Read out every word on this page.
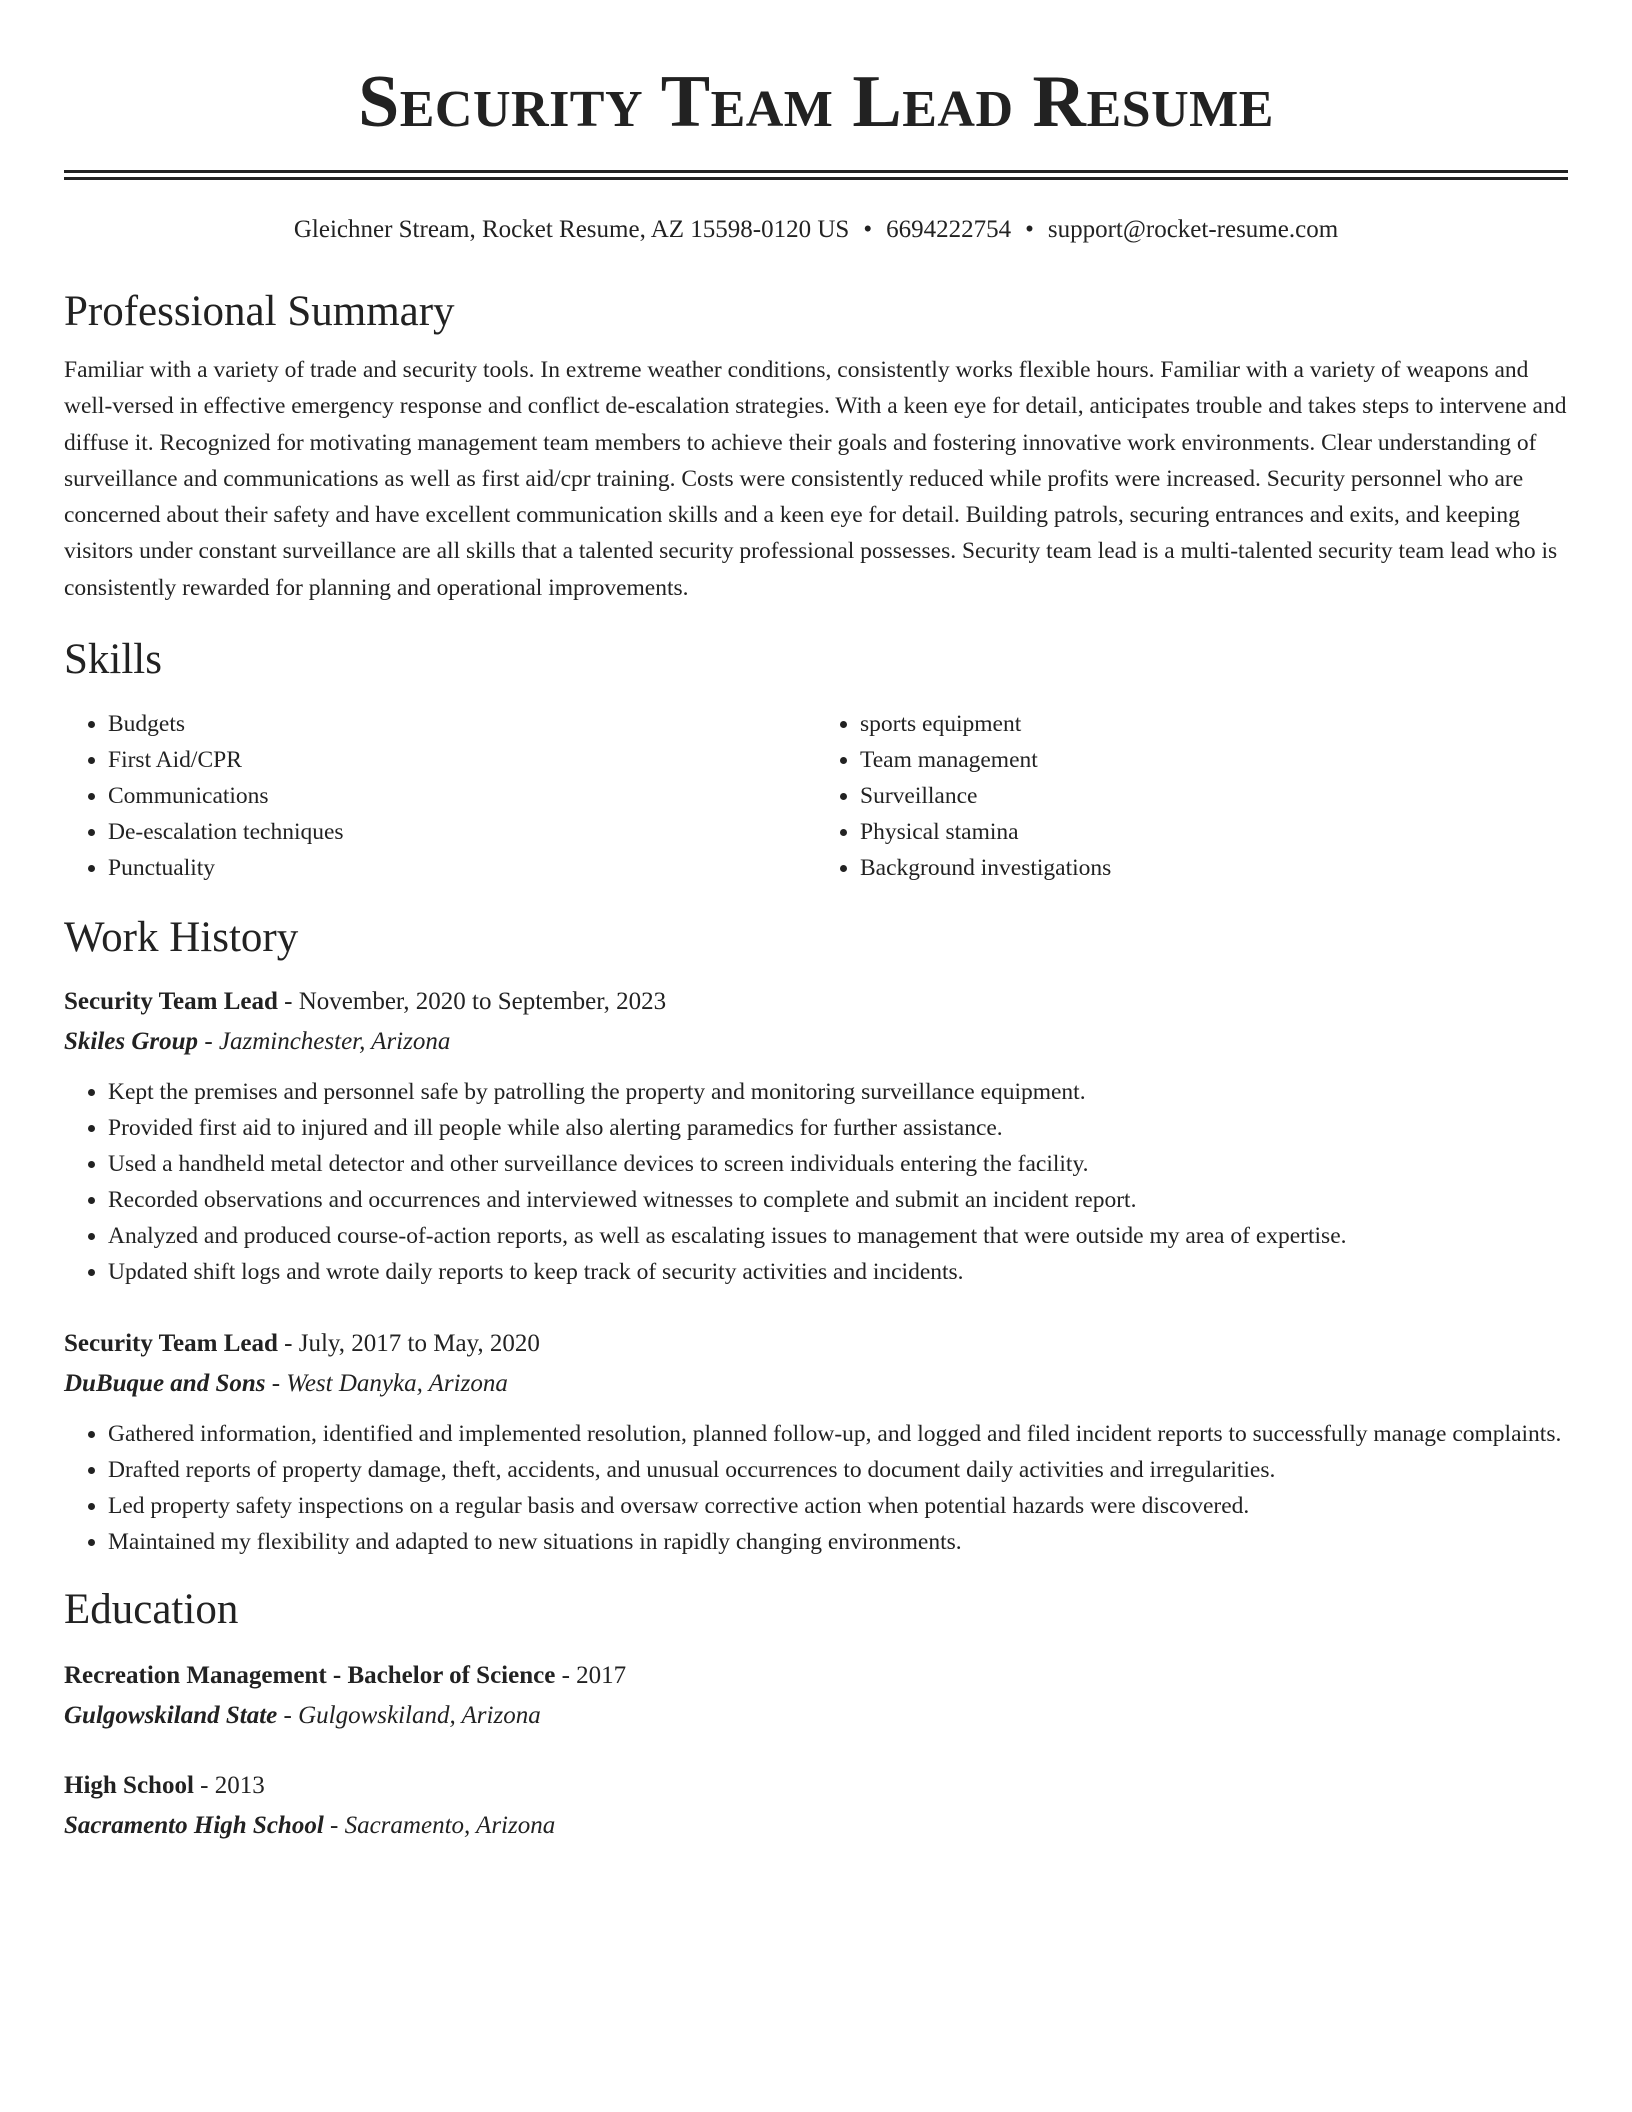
Security Team Lead Resume
Gleichner Stream, Rocket Resume, AZ 15598-0120 US • 6694222754 • support@rocket-resume.com
Professional Summary
Familiar with a variety of trade and security tools. In extreme weather conditions, consistently works flexible hours. Familiar with a variety of weapons and well-versed in effective emergency response and conflict de-escalation strategies. With a keen eye for detail, anticipates trouble and takes steps to intervene and diffuse it. Recognized for motivating management team members to achieve their goals and fostering innovative work environments. Clear understanding of surveillance and communications as well as first aid/cpr training. Costs were consistently reduced while profits were increased. Security personnel who are concerned about their safety and have excellent communication skills and a keen eye for detail. Building patrols, securing entrances and exits, and keeping visitors under constant surveillance are all skills that a talented security professional possesses. Security team lead is a multi-talented security team lead who is consistently rewarded for planning and operational improvements.
Skills
• Budgets
• First Aid/CPR
• Communications
• De-escalation techniques
• Punctuality
• sports equipment
• Team management
• Surveillance
• Physical stamina
• Background investigations
Work History
Security Team Lead - November, 2020 to September, 2023
Skiles Group - Jazminchester, Arizona
• Kept the premises and personnel safe by patrolling the property and monitoring surveillance equipment.
• Provided first aid to injured and ill people while also alerting paramedics for further assistance.
• Used a handheld metal detector and other surveillance devices to screen individuals entering the facility.
• Recorded observations and occurrences and interviewed witnesses to complete and submit an incident report.
• Analyzed and produced course-of-action reports, as well as escalating issues to management that were outside my area of expertise.
• Updated shift logs and wrote daily reports to keep track of security activities and incidents.
Security Team Lead - July, 2017 to May, 2020
DuBuque and Sons - West Danyka, Arizona
• Gathered information, identified and implemented resolution, planned follow-up, and logged and filed incident reports to successfully manage complaints.
• Drafted reports of property damage, theft, accidents, and unusual occurrences to document daily activities and irregularities.
• Led property safety inspections on a regular basis and oversaw corrective action when potential hazards were discovered.
• Maintained my flexibility and adapted to new situations in rapidly changing environments.
Education
Recreation Management - Bachelor of Science - 2017
Gulgowskiland State - Gulgowskiland, Arizona
High School - 2013
Sacramento High School - Sacramento, Arizona
